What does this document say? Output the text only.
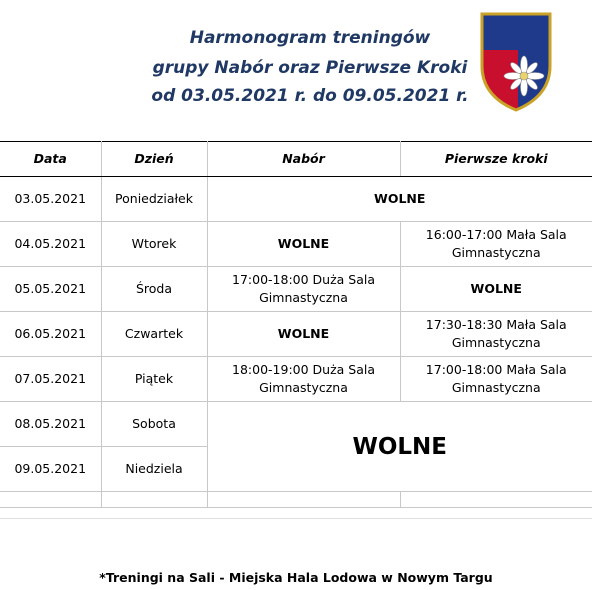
Harmonogram treningów
grupy Nabór oraz Pierwsze Kroki
od 03.05.2021 r. do 09.05.2021 r.
Data	Dzień	Nabór	Pierwsze kroki
03.05.2021	Poniedziałek	WOLNE	
04.05.2021	Wtorek	WOLNE	16:00-17:00 Mała Sala Gimnastyczna
05.05.2021	Środa	17:00-18:00 Duża Sala Gimnastyczna	WOLNE
06.05.2021	Czwartek	WOLNE	17:30-18:30 Mała Sala Gimnastyczna
07.05.2021	Piątek	18:00-19:00 Duża Sala Gimnastyczna	17:00-18:00 Mała Sala Gimnastyczna
08.05.2021	Sobota	WOLNE	
09.05.2021	Niedziela		

*Treningi na Sali - Miejska Hala Lodowa w Nowym Targu
